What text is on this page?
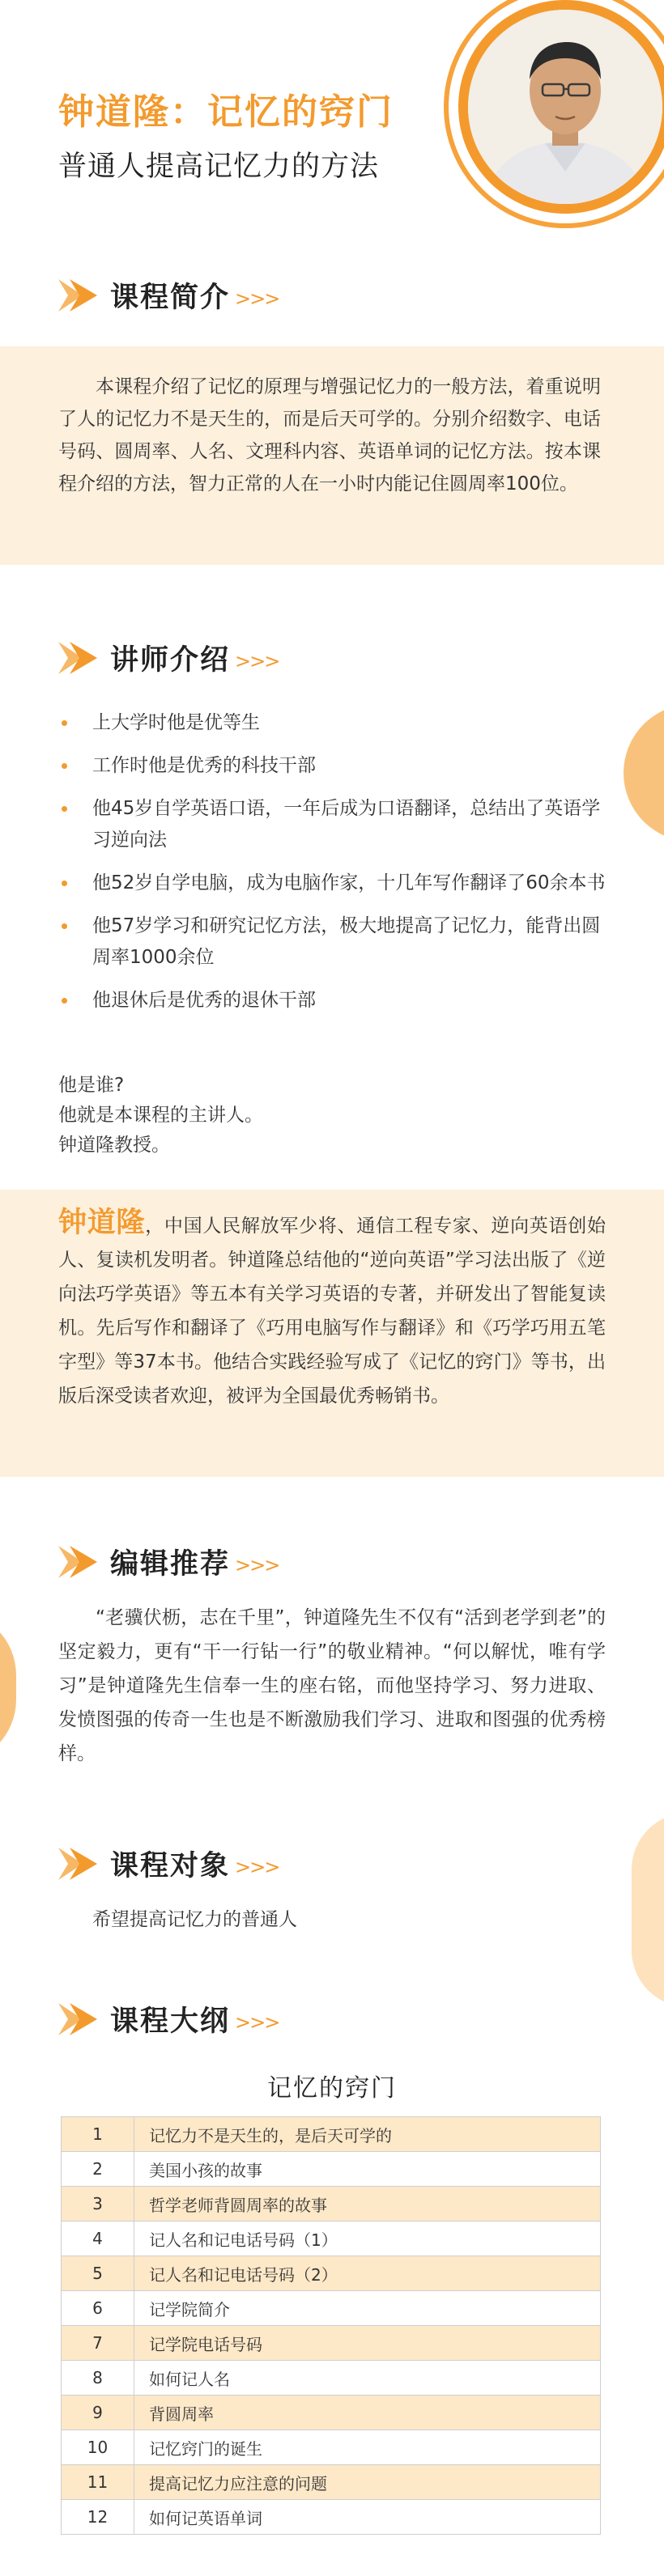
钟道隆：记忆的窍门
普通人提高记忆力的方法
课程简介 >>>
本课程介绍了记忆的原理与增强记忆力的一般方法，着重说明了人的记忆力不是天生的，而是后天可学的。分别介绍数字、电话号码、圆周率、人名、文理科内容、英语单词的记忆方法。按本课程介绍的方法，智力正常的人在一小时内能记住圆周率100位。
讲师介绍 >>>
上大学时他是优等生
工作时他是优秀的科技干部
他45岁自学英语口语，一年后成为口语翻译，总结出了英语学习逆向法
他52岁自学电脑，成为电脑作家，十几年写作翻译了60余本书
他57岁学习和研究记忆方法，极大地提高了记忆力，能背出圆周率1000余位
他退休后是优秀的退休干部
他是谁?
他就是本课程的主讲人。
钟道隆教授。
钟道隆，中国人民解放军少将、通信工程专家、逆向英语创始人、复读机发明者。钟道隆总结他的“逆向英语”学习法出版了《逆向法巧学英语》等五本有关学习英语的专著，并研发出了智能复读机。先后写作和翻译了《巧用电脑写作与翻译》和《巧学巧用五笔字型》等37本书。他结合实践经验写成了《记忆的窍门》等书，出版后深受读者欢迎，被评为全国最优秀畅销书。
编辑推荐 >>>
“老骥伏枥，志在千里”，钟道隆先生不仅有“活到老学到老”的坚定毅力，更有“干一行钻一行”的敬业精神。“何以解忧，唯有学习”是钟道隆先生信奉一生的座右铭，而他坚持学习、努力进取、发愤图强的传奇一生也是不断激励我们学习、进取和图强的优秀榜样。
课程对象 >>>
希望提高记忆力的普通人
课程大纲 >>>
记忆的窍门
1	记忆力不是天生的，是后天可学的
2	美国小孩的故事
3	哲学老师背圆周率的故事
4	记人名和记电话号码（1）
5	记人名和记电话号码（2）
6	记学院简介
7	记学院电话号码
8	如何记人名
9	背圆周率
10	记忆窍门的诞生
11	提高记忆力应注意的问题
12	如何记英语单词
